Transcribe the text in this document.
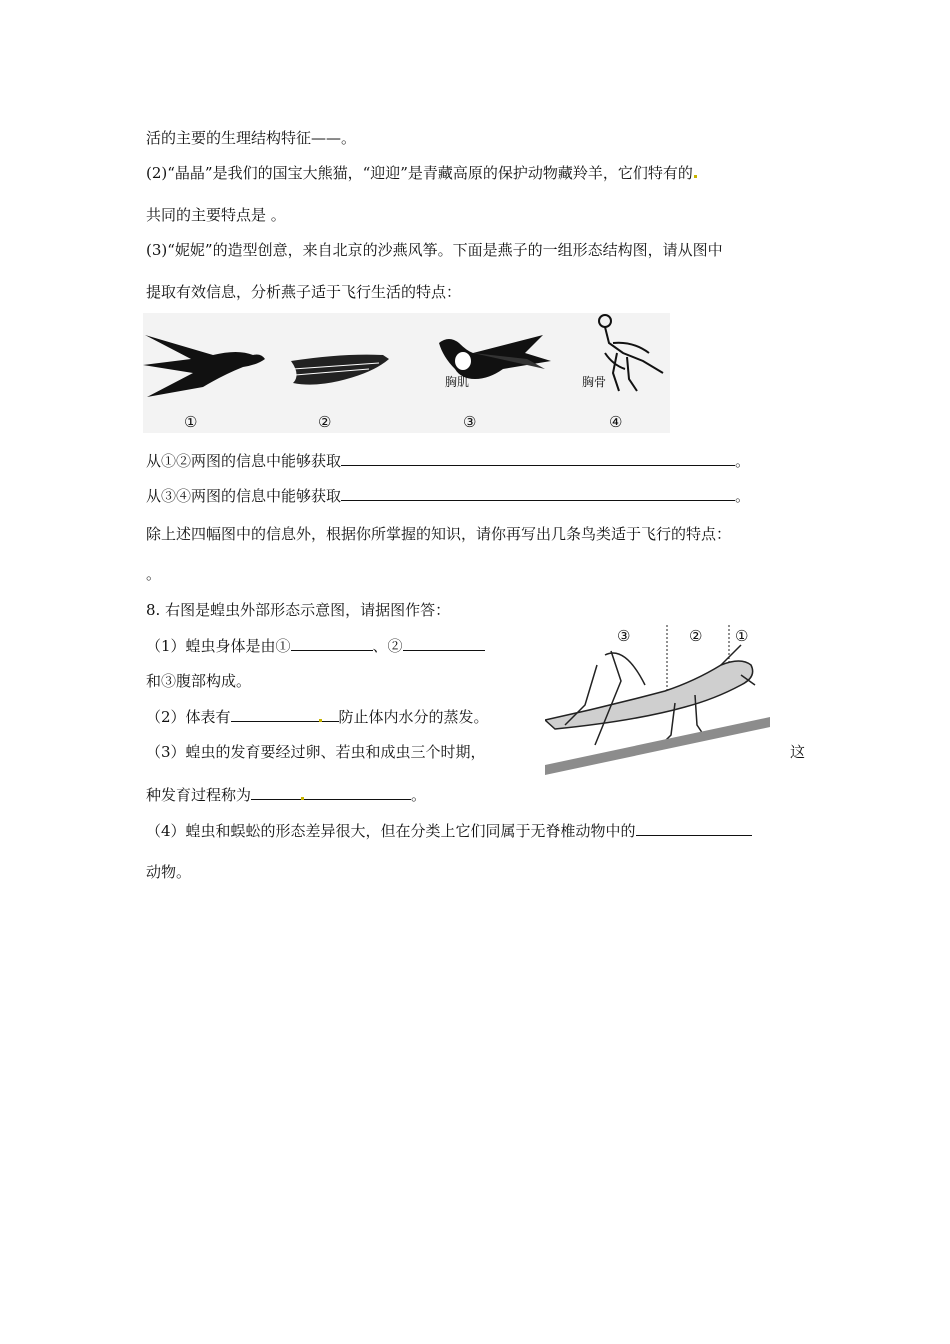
活的主要的生理结构特征——。
(2)“晶晶”是我们的国宝大熊猫，“迎迎”是青藏高原的保护动物藏羚羊，它们特有的
共同的主要特点是 。
(3)“妮妮”的造型创意，来自北京的沙燕风筝。下面是燕子的一组形态结构图，请从图中
提取有效信息，分析燕子适于飞行生活的特点：
胸肌	胸骨
①	②	③	④
从①②两图的信息中能够获取	。
从③④两图的信息中能够获取	。
除上述四幅图中的信息外，根据你所掌握的知识，请你再写出几条鸟类适于飞行的特点：
。
8. 右图是蝗虫外部形态示意图，请据图作答：
（1）蝗虫身体是由①	、②
和③腹部构成。
（2）体表有	防止体内水分的蒸发。
（3）蝗虫的发育要经过卵、若虫和成虫三个时期，	这
种发育过程称为	。
（4）蝗虫和蜈蚣的形态差异很大，但在分类上它们同属于无脊椎动物中的
动物。
③	② ①
